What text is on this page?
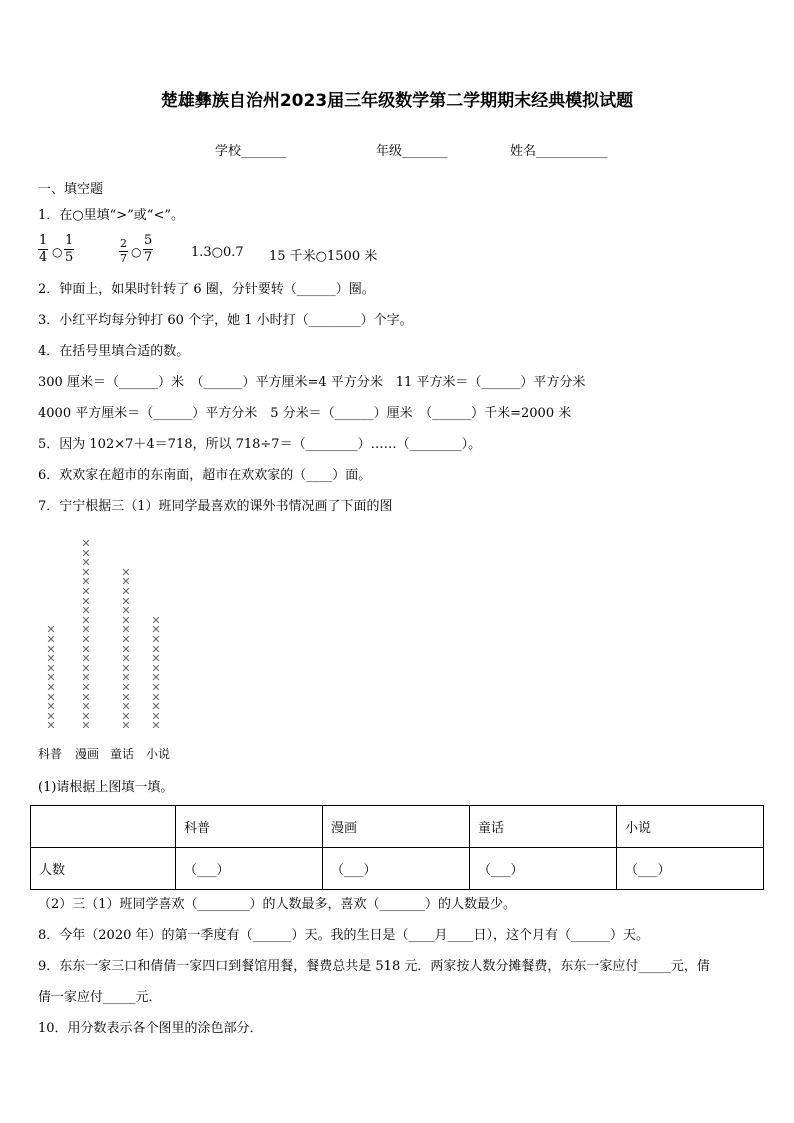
楚雄彝族自治州2023届三年级数学第二学期期末经典模拟试题
学校_______	年级_______	姓名___________
一、填空题
1．在○里填“>”或“<”。
1
4 ○
1
5
2
7 ○
5
7	1.3○0.7 15 千米○1500 米
2．钟面上，如果时针转了 6 圈，分针要转（______）圈。
3．小红平均每分钟打 60 个字，她 1 小时打（________）个字。
4．在括号里填合适的数。
300 厘米＝（______）米　（______）平方厘米=4 平方分米　11 平方米＝（______）平方分米
4000 平方厘米＝（______）平方分米　5 分米＝（______）厘米　（______）千米=2000 米
5．因为 102×7＋4＝718，所以 718÷7＝（________）……（________）。
6．欢欢家在超市的东南面，超市在欢欢家的（____）面。
7．宁宁根据三（1）班同学最喜欢的课外书情况画了下面的图
✕
✕
✕
✕
✕
✕
✕
✕
✕
✕
✕
✕
✕
✕
✕
✕
✕
✕
✕
✕
✕
✕
✕
✕
✕
✕
✕
✕
✕
✕
✕
✕
✕
✕
✕
✕
✕
✕
✕
✕
✕
✕
✕
✕
✕
✕
✕
✕
✕
✕
✕
✕
✕
✕
✕
✕
✕
✕
✕
✕
科普 漫画 童话 小说
(1)请根据上图填一填。
	科普	漫画	童话	小说
人数	（___）	（___）	（___）	（___）
（2）三（1）班同学喜欢（________）的人数最多，喜欢（_______）的人数最少。
8．今年（2020 年）的第一季度有（______）天。我的生日是（____月____日），这个月有（______）天。
9．东东一家三口和倩倩一家四口到餐馆用餐，餐费总共是 518 元．两家按人数分摊餐费，东东一家应付_____元，倩
倩一家应付_____元．
10．用分数表示各个图里的涂色部分．
